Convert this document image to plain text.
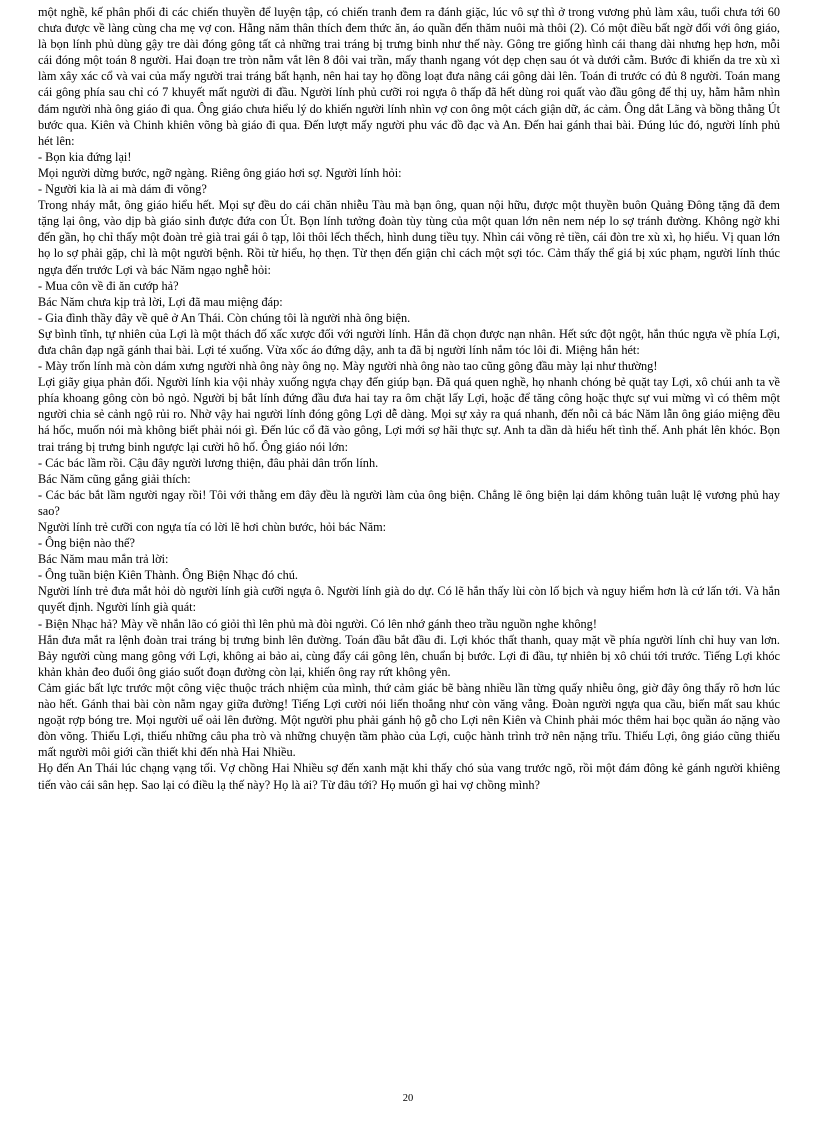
một nghề, kế phân phối đi các chiến thuyền để luyện tập, có chiến tranh đem ra đánh giặc, lúc vô sự thì ở trong vương phủ làm xâu, tuổi chưa tới 60 chưa được về làng cùng cha mẹ vợ con. Hằng năm thân thích đem thức ăn, áo quần đến thăm nuôi mà thôi (2). Có một điều bất ngờ đối với ông giáo, là bọn lính phủ dùng gậy tre dài đóng gông tất cả những trai tráng bị trưng binh như thế này. Gông tre giống hình cái thang dài nhưng hẹp hơn, mỗi cái đóng một toán 8 người. Hai đoạn tre tròn nằm vắt lên 8 đôi vai trần, mấy thanh ngang vót dẹp chẹn sau ót và dưới cằm. Bước đi khiến da tre xù xì làm xây xác cổ và vai của mấy người trai tráng bất hạnh, nên hai tay họ đồng loạt đưa nâng cái gông dài lên. Toán đi trước có đủ 8 người. Toán mang cái gông phía sau chỉ có 7 khuyết mất người đi đầu. Người lính phủ cưỡi roi ngựa ô thấp đã hết dùng roi quất vào đầu gông để thị uy, hằm hằm nhìn đám người nhà ông giáo đi qua. Ông giáo chưa hiểu lý do khiến người lính nhìn vợ con ông một cách giận dữ, ác cảm. Ông dắt Lãng và bồng thằng Út bước qua. Kiên và Chinh khiên võng bà giáo đi qua. Đến lượt mấy người phu vác đồ đạc và An. Đến hai gánh thai bài. Đúng lúc đó, người lính phủ hét lên:

- Bọn kia đứng lại!

Mọi người dừng bước, ngỡ ngàng. Riêng ông giáo hơi sợ. Người lính hỏi:

- Người kia là ai mà dám đi võng?

Trong nháy mắt, ông giáo hiểu hết. Mọi sự đều do cái chăn nhiễu Tàu mà bạn ông, quan nội hữu, được một thuyền buôn Quảng Đông tặng đã đem tặng lại ông, vào dịp bà giáo sinh được đứa con Út. Bọn lính tưởng đoàn tùy tùng của một quan lớn nên nem nép lo sợ tránh đường. Không ngờ khi đến gần, họ chỉ thấy một đoàn trẻ già trai gái ô tạp, lôi thôi lếch thếch, hình dung tiều tụy. Nhìn cái võng rẻ tiền, cái đòn tre xù xì, họ hiểu. Vị quan lớn họ lo sợ phải gặp, chỉ là một người bệnh. Rồi từ hiểu, họ thẹn. Từ thẹn đến giận chỉ cách một sợi tóc. Cảm thấy thể giá bị xúc phạm, người lính thúc ngựa đến trước Lợi và bác Năm ngạo nghễ hỏi:

- Mua côn về đi ăn cướp hả?

Bác Năm chưa kịp trả lời, Lợi đã mau miệng đáp:

- Gia đình thầy đây về quê ở An Thái. Còn chúng tôi là người nhà ông biện.

Sự bình tĩnh, tự nhiên của Lợi là một thách đố xấc xược đối với người lính. Hắn đã chọn được nạn nhân. Hết sức đột ngột, hắn thúc ngựa về phía Lợi, đưa chân đạp ngã gánh thai bài. Lợi té xuống. Vừa xốc áo đứng dậy, anh ta đã bị người lính nắm tóc lôi đi. Miệng hắn hét:

- Mày trốn lính mà còn dám xưng người nhà ông này ông nọ. Mày người nhà ông nào tao cũng gông đầu mày lại như thường!

Lợi giãy giụa phản đối. Người lính kia vội nhảy xuống ngựa chạy đến giúp bạn. Đã quá quen nghề, họ nhanh chóng bẻ quặt tay Lợi, xô chúi anh ta về phía khoang gông còn bỏ ngỏ. Người bị bắt lính đứng đầu đưa hai tay ra ôm chặt lấy Lợi, hoặc để tăng công hoặc thực sự vui mừng vì có thêm một người chia sẻ cảnh ngộ rủi ro. Nhờ vậy hai người lính đóng gông Lợi dễ dàng. Mọi sự xảy ra quá nhanh, đến nỗi cả bác Năm lẫn ông giáo miệng đều há hốc, muốn nói mà không biết phải nói gì. Đến lúc cổ đã vào gông, Lợi mới sợ hãi thực sự. Anh ta dần dà hiểu hết tình thế. Anh phát lên khóc. Bọn trai tráng bị trưng binh ngược lại cười hô hố. Ông giáo nói lớn:

- Các bác lầm rồi. Cậu đây người lương thiện, đâu phải dân trốn lính.

Bác Năm cũng gắng giải thích:

- Các bác bắt lầm người ngay rồi! Tôi với thằng em đây đều là người làm của ông biện. Chẳng lẽ ông biện lại dám không tuân luật lệ vương phủ hay sao?

Người lính trẻ cưỡi con ngựa tía có lời lẽ hơi chùn bước, hỏi bác Năm:

- Ông biện nào thế?

Bác Năm mau mắn trả lời:

- Ông tuần biện Kiên Thành. Ông Biện Nhạc đó chú.

Người lính trẻ đưa mắt hỏi dò người lính già cưỡi ngựa ô. Người lính già do dự. Có lẽ hắn thấy lùi còn lố bịch và nguy hiểm hơn là cứ lấn tới. Và hắn quyết định. Người lính già quát:

- Biện Nhạc hả? Mày về nhắn lão có giỏi thì lên phủ mà đòi người. Có lên nhớ gánh theo trầu nguồn nghe không!

Hắn đưa mắt ra lệnh đoàn trai tráng bị trưng binh lên đường. Toán đầu bắt đầu đi. Lợi khóc thất thanh, quay mặt về phía người lính chỉ huy van lơn. Bảy người cùng mang gông với Lợi, không ai bảo ai, cùng đẩy cái gông lên, chuẩn bị bước. Lợi đi đầu, tự nhiên bị xô chúi tới trước. Tiếng Lợi khóc khản khản đeo đuổi ông giáo suốt đoạn đường còn lại, khiến ông ray rứt không yên.

Cảm giác bất lực trước một công việc thuộc trách nhiệm của mình, thứ cảm giác bẽ bàng nhiều lần từng quấy nhiễu ông, giờ đây ông thấy rõ hơn lúc nào hết. Gánh thai bài còn nằm ngay giữa đường! Tiếng Lợi cười nói liến thoắng như còn văng vẳng. Đoàn người ngựa qua cầu, biến mất sau khúc ngoặt rợp bóng tre. Mọi người uể oải lên đường. Một người phu phải gánh hộ gỗ cho Lợi nên Kiên và Chinh phải móc thêm hai bọc quần áo nặng vào đòn võng. Thiếu Lợi, thiếu những câu pha trò và những chuyện tầm phào của Lợi, cuộc hành trình trở nên nặng trĩu. Thiếu Lợi, ông giáo cũng thiếu mất người môi giới cần thiết khi đến nhà Hai Nhiều.

Họ đến An Thái lúc chạng vạng tối. Vợ chồng Hai Nhiều sợ đến xanh mặt khi thấy chó sủa vang trước ngõ, rồi một đám đông kẻ gánh người khiêng tiến vào cái sân hẹp. Sao lại có điều lạ thế này? Họ là ai? Từ đâu tới? Họ muốn gì hai vợ chồng mình?

20
